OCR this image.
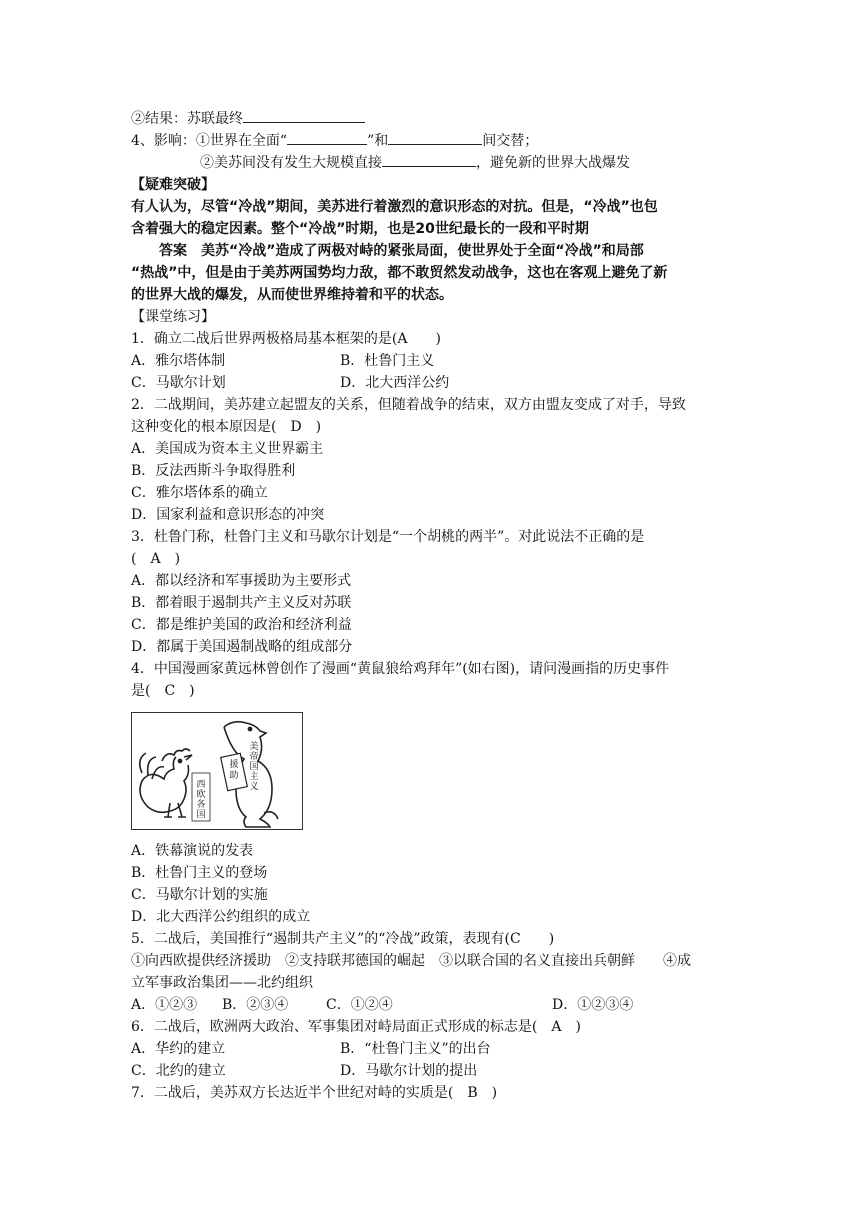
②结果：苏联最终
4、影响：①世界在全面“	”和	间交替；
②美苏间没有发生大规模直接	，避免新的世界大战爆发
【疑难突破】
有人认为，尽管“冷战”期间，美苏进行着激烈的意识形态的对抗。但是，“冷战”也包
含着强大的稳定因素。整个“冷战”时期，也是20世纪最长的一段和平时期
　　答案　美苏“冷战”造成了两极对峙的紧张局面，使世界处于全面“冷战”和局部
“热战”中，但是由于美苏两国势均力敌，都不敢贸然发动战争，这也在客观上避免了新
的世界大战的爆发，从而使世界维持着和平的状态。
【课堂练习】
1．确立二战后世界两极格局基本框架的是(A　　)
A．雅尔塔体制	B．杜鲁门主义
C．马歇尔计划	D．北大西洋公约
2．二战期间，美苏建立起盟友的关系，但随着战争的结束，双方由盟友变成了对手，导致
这种变化的根本原因是(　D　)
A．美国成为资本主义世界霸主
B．反法西斯斗争取得胜利
C．雅尔塔体系的确立
D．国家利益和意识形态的冲突
3．杜鲁门称，杜鲁门主义和马歇尔计划是“一个胡桃的两半”。对此说法不正确的是
(　A　)
A．都以经济和军事援助为主要形式
B．都着眼于遏制共产主义反对苏联
C．都是维护美国的政治和经济利益
D．都属于美国遏制战略的组成部分
4．中国漫画家黄远林曾创作了漫画“黄鼠狼给鸡拜年”(如右图)，请问漫画指的历史事件
是(　C　)
西欧各国
美帝国主义
援助
A．铁幕演说的发表
B．杜鲁门主义的登场
C．马歇尔计划的实施
D．北大西洋公约组织的成立
5．二战后，美国推行“遏制共产主义”的“冷战”政策，表现有(C　　)
①向西欧提供经济援助　②支持联邦德国的崛起　③以联合国的名义直接出兵朝鲜　　④成
立军事政治集团——北约组织
A．①②③ B．②③④	C．①②④	D．①②③④
6．二战后，欧洲两大政治、军事集团对峙局面正式形成的标志是(　A　)
A．华约的建立	B．“杜鲁门主义”的出台
C．北约的建立	D．马歇尔计划的提出
7．二战后，美苏双方长达近半个世纪对峙的实质是(　B　)
